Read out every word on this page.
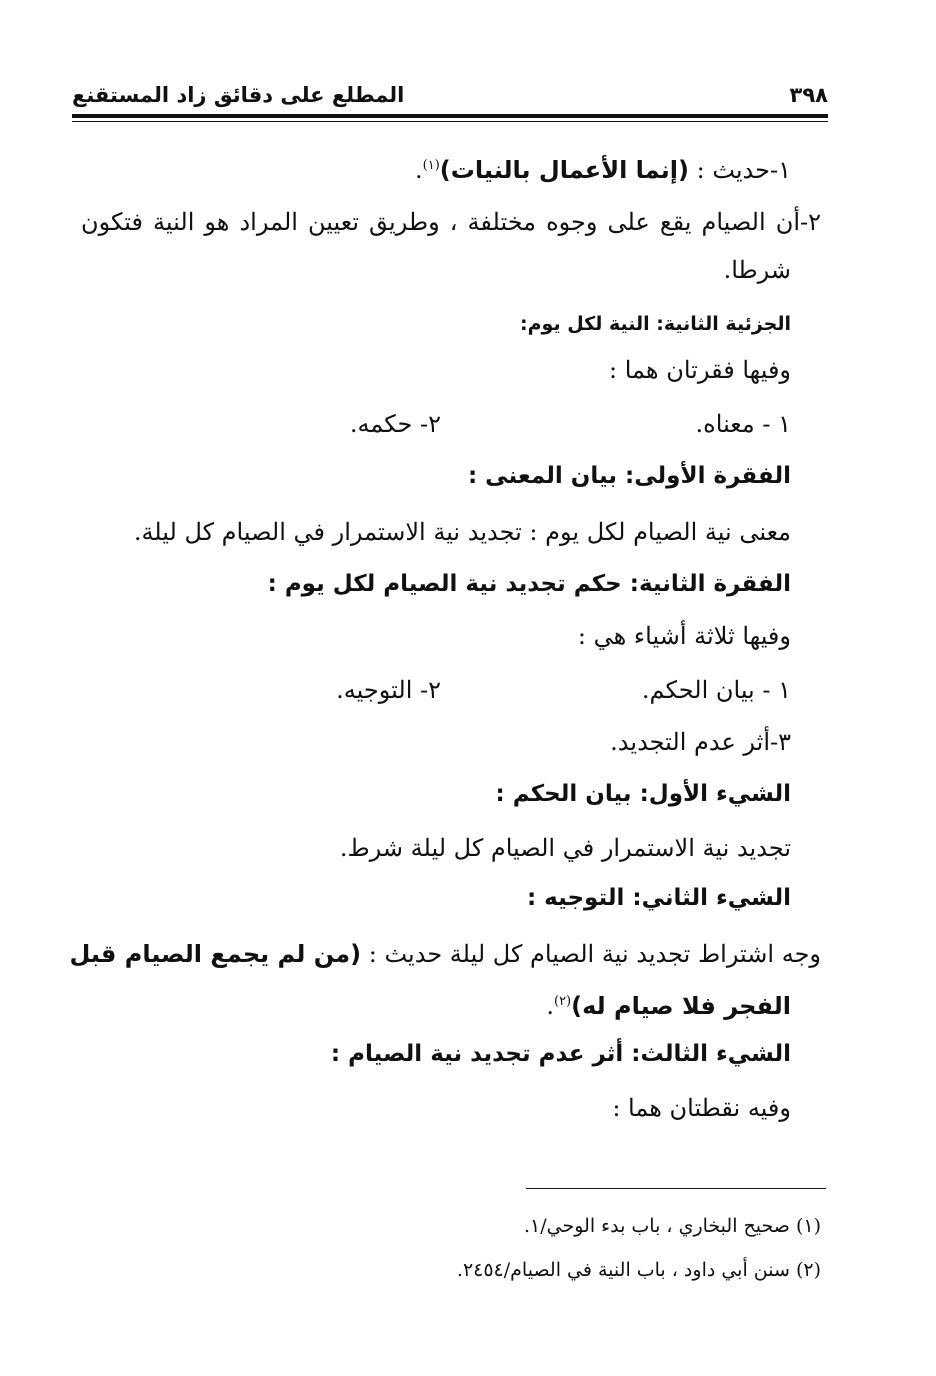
٣٩٨
المطلع على دقائق زاد المستقنع
١-حديث : (إنما الأعمال بالنيات)$^{(١)}$.
٢-أن الصيام يقع على وجوه مختلفة ، وطريق تعيين المراد هو النية فتكون
شرطا.
الجزئية الثانية: النية لكل يوم:
وفيها فقرتان هما :
١ - معناه.
٢- حكمه.
الفقرة الأولى: بيان المعنى :
معنى نية الصيام لكل يوم : تجديد نية الاستمرار في الصيام كل ليلة.
الفقرة الثانية: حكم تجديد نية الصيام لكل يوم :
وفيها ثلاثة أشياء هي :
١ - بيان الحكم.
٢- التوجيه.
٣-أثر عدم التجديد.
الشيء الأول: بيان الحكم :
تجديد نية الاستمرار في الصيام كل ليلة شرط.
الشيء الثاني: التوجيه :
وجه اشتراط تجديد نية الصيام كل ليلة حديث : (من لم يجمع الصيام قبل
الفجر فلا صيام له)$^{(٢)}$.
الشيء الثالث: أثر عدم تجديد نية الصيام :
وفيه نقطتان هما :
(١) صحيح البخاري ، باب بدء الوحي/١.
(٢) سنن أبي داود ، باب النية في الصيام/٢٤٥٤.
